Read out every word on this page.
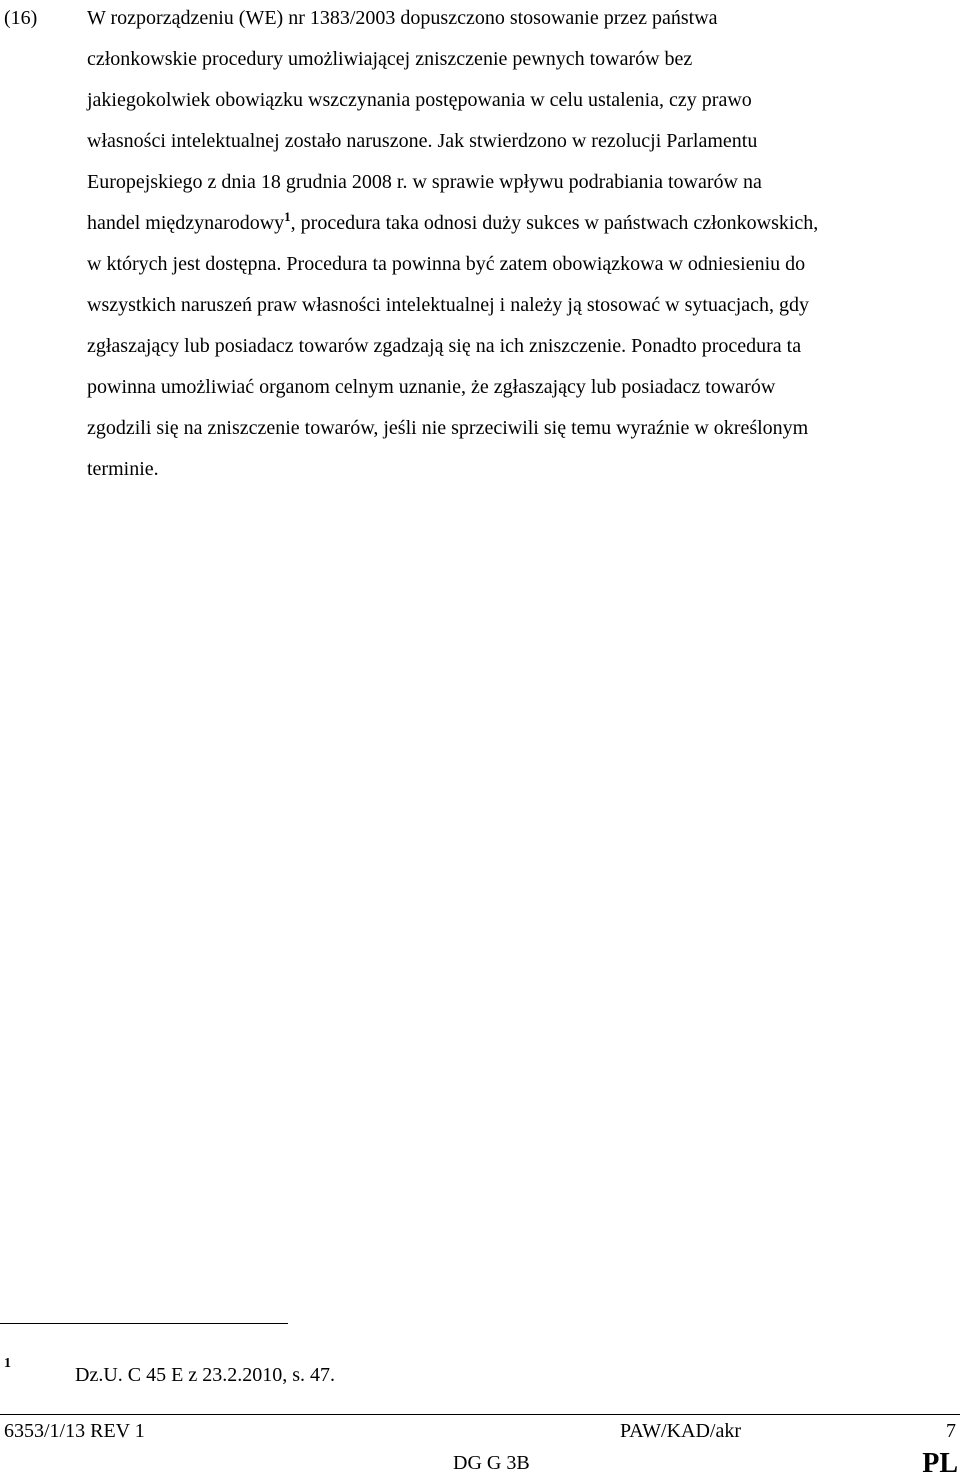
(16) W rozporządzeniu (WE) nr 1383/2003 dopuszczono stosowanie przez państwa
członkowskie procedury umożliwiającej zniszczenie pewnych towarów bez
jakiegokolwiek obowiązku wszczynania postępowania w celu ustalenia, czy prawo
własności intelektualnej zostało naruszone. Jak stwierdzono w rezolucji Parlamentu
Europejskiego z dnia 18 grudnia 2008 r. w sprawie wpływu podrabiania towarów na
handel międzynarodowy$^1$, procedura taka odnosi duży sukces w państwach członkowskich,
w których jest dostępna. Procedura ta powinna być zatem obowiązkowa w odniesieniu do
wszystkich naruszeń praw własności intelektualnej i należy ją stosować w sytuacjach, gdy
zgłaszający lub posiadacz towarów zgadzają się na ich zniszczenie. Ponadto procedura ta
powinna umożliwiać organom celnym uznanie, że zgłaszający lub posiadacz towarów
zgodzili się na zniszczenie towarów, jeśli nie sprzeciwili się temu wyraźnie w określonym
terminie.
1
Dz.U. C 45 E z 23.2.2010, s. 47.
6353/1/13 REV 1	PAW/KAD/akr	7
DG G 3B	PL
